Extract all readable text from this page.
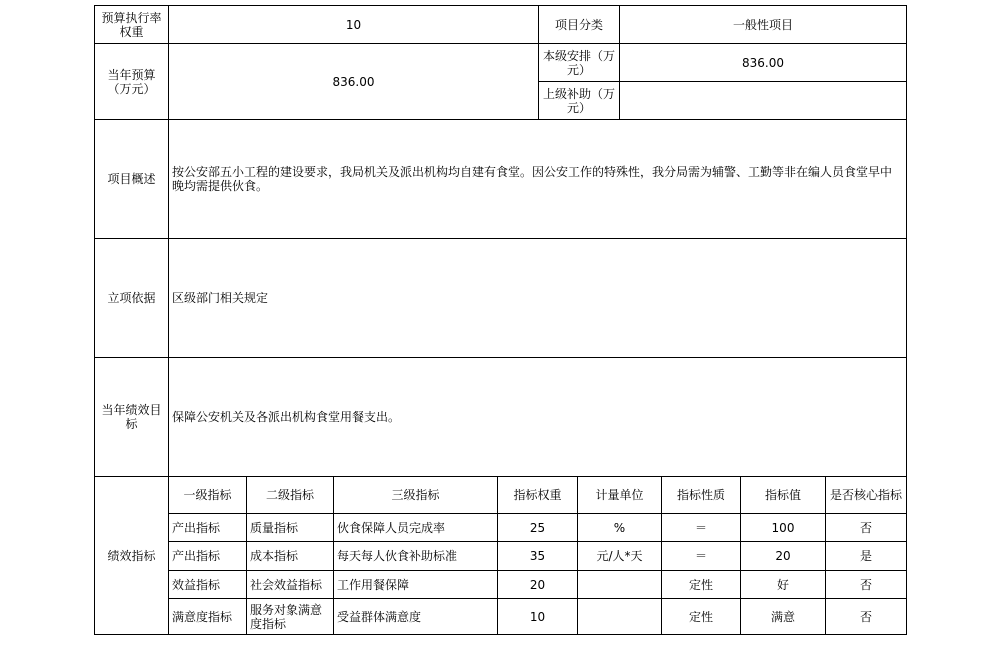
预算执行率权重	10	项目分类	一般性项目
当年预算（万元）	836.00	本级安排（万元）	836.00
		上级补助（万元）	
项目概述	按公安部五小工程的建设要求，我局机关及派出机构均自建有食堂。因公安工作的特殊性，我分局需为辅警、工勤等非在编人员食堂早中晚均需提供伙食。		
立项依据	区级部门相关规定		
当年绩效目标	保障公安机关及各派出机构食堂用餐支出。		
绩效指标	一级指标	二级指标	三级指标	指标权重	计量单位	指标性质	指标值	是否核心指标
	产出指标	质量指标	伙食保障人员完成率	25	%	＝	100	否
	产出指标	成本指标	每天每人伙食补助标准	35	元/人*天	＝	20	是
	效益指标	社会效益指标	工作用餐保障	20		定性	好	否
	满意度指标	服务对象满意度指标	受益群体满意度	10		定性	满意	否
